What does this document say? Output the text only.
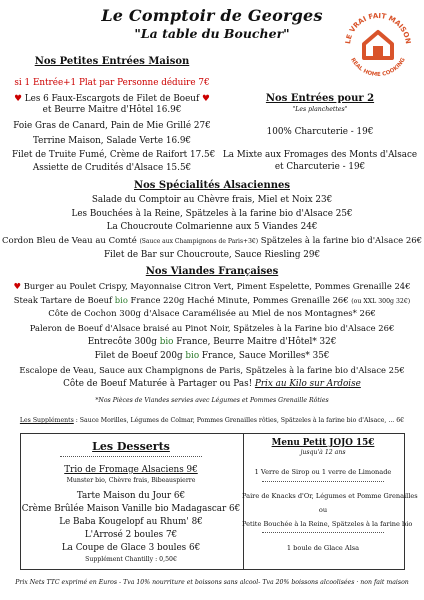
Le Comptoir de Georges
"La table du Boucher"
LE VRAI FAIT MAISON
REAL HOME COOKING
Nos Petites Entrées Maison
si 1 Entrée+1 Plat par Personne déduire 7€
♥ Les 6 Faux-Escargots de Filet de Boeuf ♥
et Beurre Maitre d'Hôtel 16.9€
Foie Gras de Canard, Pain de Mie Grillé 27€
Terrine Maison, Salade Verte 16.9€
Filet de Truite Fumé, Crème de Raifort 17.5€
Assiette de Crudités d'Alsace 15.5€
Nos Entrées pour 2
"Les planchettes"
100% Charcuterie - 19€
La Mixte aux Fromages des Monts d'Alsace
et Charcuterie - 19€
Nos Spécialités Alsaciennes
Salade du Comptoir au Chèvre frais, Miel et Noix 23€
Les Bouchées à la Reine, Spätzeles à la farine bio d'Alsace 25€
La Choucroute Colmarienne aux 5 Viandes 24€
Cordon Bleu de Veau au Comté (Sauce aux Champignons de Paris+3€) Spätzeles à la farine bio d'Alsace 26€
Filet de Bar sur Choucroute, Sauce Riesling 29€
Nos Viandes Françaises
♥ Burger au Poulet Crispy, Mayonnaise Citron Vert, Piment Espelette, Pommes Grenaille 24€
Steak Tartare de Boeuf bio France 220g Haché Minute, Pommes Grenaille 26€ (ou XXL 300g 32€)
Côte de Cochon 300g d'Alsace Caramélisée au Miel de nos Montagnes* 26€
Paleron de Boeuf d'Alsace braisé au Pinot Noir, Spätzeles à la Farine bio d'Alsace 26€
Entrecôte 300g bio France, Beurre Maitre d'Hôtel* 32€
Filet de Boeuf 200g bio France, Sauce Morilles* 35€
Escalope de Veau, Sauce aux Champignons de Paris, Spätzeles à la farine bio d'Alsace 25€
Côte de Boeuf Maturée à Partager ou Pas! Prix au Kilo sur Ardoise
*Nos Pièces de Viandes servies avec Légumes et Pommes Grenaille Rôties
Les Suppléments : Sauce Morilles, Légumes de Colmar, Pommes Grenailles rôties, Spätzeles à la farine bio d'Alsace, ... 6€
Les Desserts
Trio de Fromage Alsaciens 9€
Munster bio, Chèvre frais, Bibeauspierre
Tarte Maison du Jour 6€
Crème Brûlée Maison Vanille bio Madagascar 6€
Le Baba Kougelopf au Rhum' 8€
L'Arrosé 2 boules 7€
La Coupe de Glace 3 boules 6€
Supplément Chantilly : 0,50€
Menu Petit JOJO 15€
jusqu'à 12 ans
1 Verre de Sirop ou 1 verre de Limonade
Paire de Knacks d'Or, Légumes et Pomme Grenailles
ou
Petite Bouchée à la Reine, Spätzeles à la farine bio
1 boule de Glace Alsa
Prix Nets TTC exprimé en Euros - Tva 10% nourriture et boissons sans alcool- Tva 20% boissons alcoolisées · non fait maison
